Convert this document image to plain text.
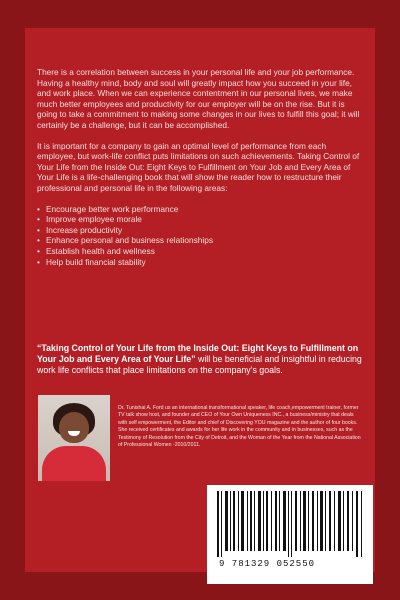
There is a correlation between success in your personal life and your job performance. Having a healthy mind, body and soul will greatly impact how you succeed in your life, and work place. When we can experience contentment in our personal lives, we make much better employees and productivity for our employer will be on the rise. But it is going to take a commitment to making some changes in our lives to fulfill this goal; it will certainly be a challenge, but it can be accomplished.

It is important for a company to gain an optimal level of performance from each employee, but work-life conflict puts limitations on such achievements. Taking Control of Your Life from the Inside Out: Eight Keys to Fulfillment on Your Job and Every Area of Your Life is a life-challenging book that will show the reader how to restructure their professional and personal life in the following areas:

• Encourage better work performance
• Improve employee morale
• Increase productivity
• Enhance personal and business relationships
• Establish health and wellness
• Help build financial stability
“Taking Control of Your Life from the Inside Out: Eight Keys to Fulfillment on Your Job and Every Area of Your Life” will be beneficial and insightful in reducing work life conflicts that place limitations on the company’s goals.
Dr. Tunishai A. Ford us an international transformational speaker, life coach,empowerment trainer, former TV talk show host, and founder and CEO of Your Own Uniqueness INC., a business/ministry that deals with self empowerment, the Editor and chief of Discovering YOU magazine and the author of four books. She received certificates and awards for her life work in the community and in businesses, such as the Testimony of Resolution from the City of Detroit, and the Woman of the Year from the National Association of Professional Women -2010/2011.
9 781329 052550
